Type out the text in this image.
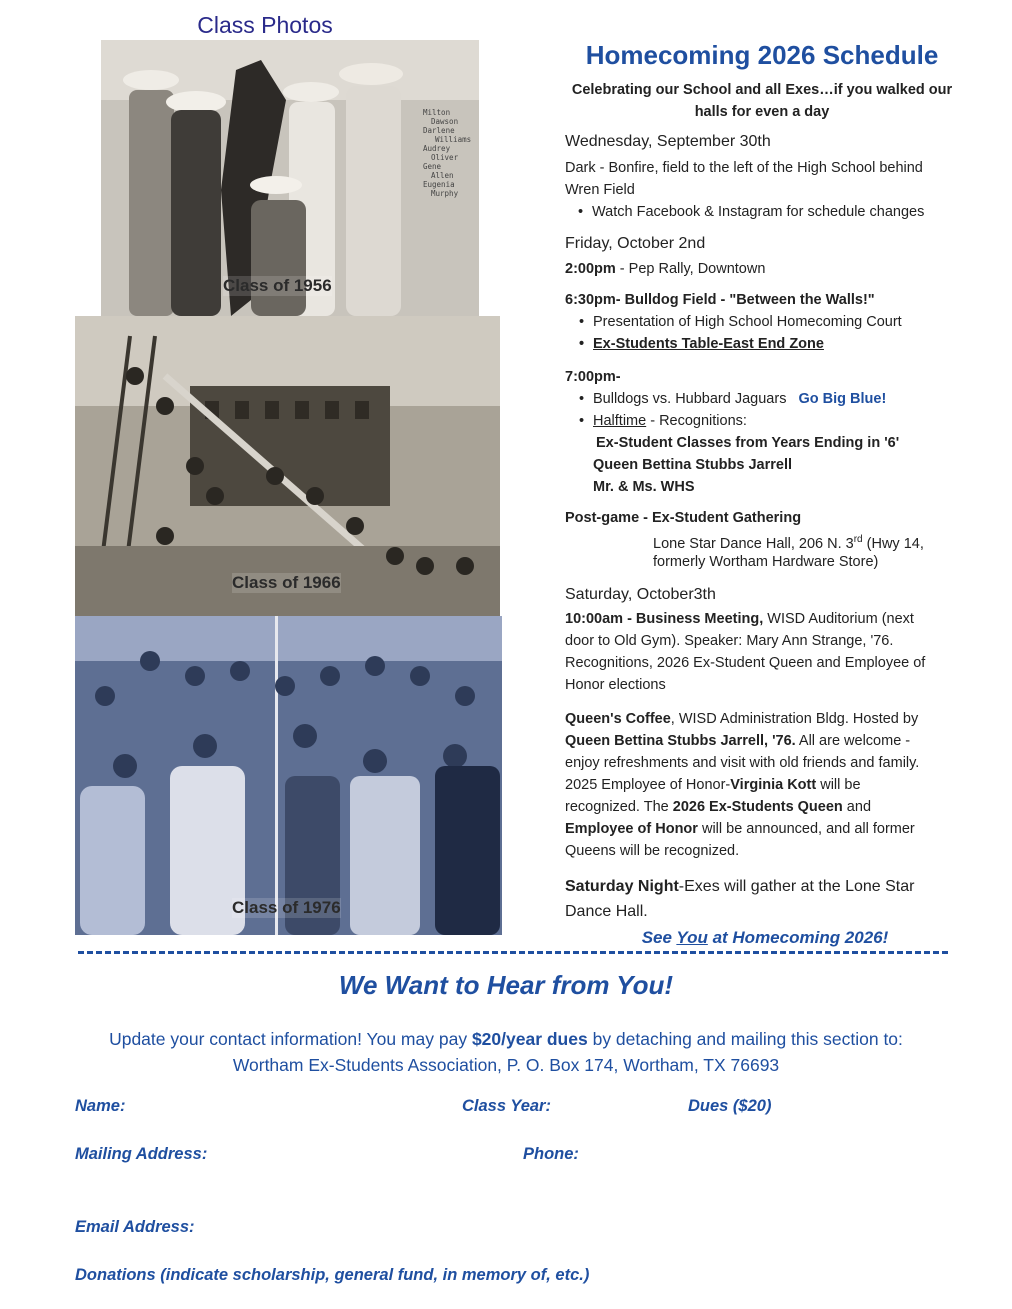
Class Photos
Milton
Dawson
Darlene
Williams
Audrey
Oliver
Gene
Allen
Eugenia
Murphy
Class of 1956
Class of 1966
Class of 1976
Homecoming 2026 Schedule
Celebrating our School and all Exes…if you walked our halls for even a day
Wednesday, September 30th
Dark - Bonfire, field to the left of the High School behind Wren Field
• Watch Facebook & Instagram for schedule changes
Friday, October 2nd
2:00pm - Pep Rally, Downtown
6:30pm- Bulldog Field - "Between the Walls!"
• Presentation of High School Homecoming Court
• Ex-Students Table-East End Zone
7:00pm-
• Bulldogs vs. Hubbard Jaguars Go Big Blue!
• Halftime - Recognitions:
Ex-Student Classes from Years Ending in '6'
Queen Bettina Stubbs Jarrell
Mr. & Ms. WHS
Post-game - Ex-Student Gathering
Lone Star Dance Hall, 206 N. 3rd (Hwy 14,
formerly Wortham Hardware Store)
Saturday, October3th
10:00am - Business Meeting, WISD Auditorium (next
door to Old Gym). Speaker: Mary Ann Strange, '76.
Recognitions, 2026 Ex-Student Queen and Employee of
Honor elections
Queen's Coffee, WISD Administration Bldg. Hosted by
Queen Bettina Stubbs Jarrell, '76. All are welcome -
enjoy refreshments and visit with old friends and family.
2025 Employee of Honor-Virginia Kott will be
recognized. The 2026 Ex-Students Queen and
Employee of Honor will be announced, and all former
Queens will be recognized.
Saturday Night-Exes will gather at the Lone Star
Dance Hall.
See You at Homecoming 2026!
We Want to Hear from You!
Update your contact information! You may pay $20/year dues by detaching and mailing this section to:
Wortham Ex-Students Association, P. O. Box 174, Wortham, TX 76693
Name:	Class Year:	Dues ($20)
Mailing Address:	Phone:
Email Address:
Donations (indicate scholarship, general fund, in memory of, etc.)
